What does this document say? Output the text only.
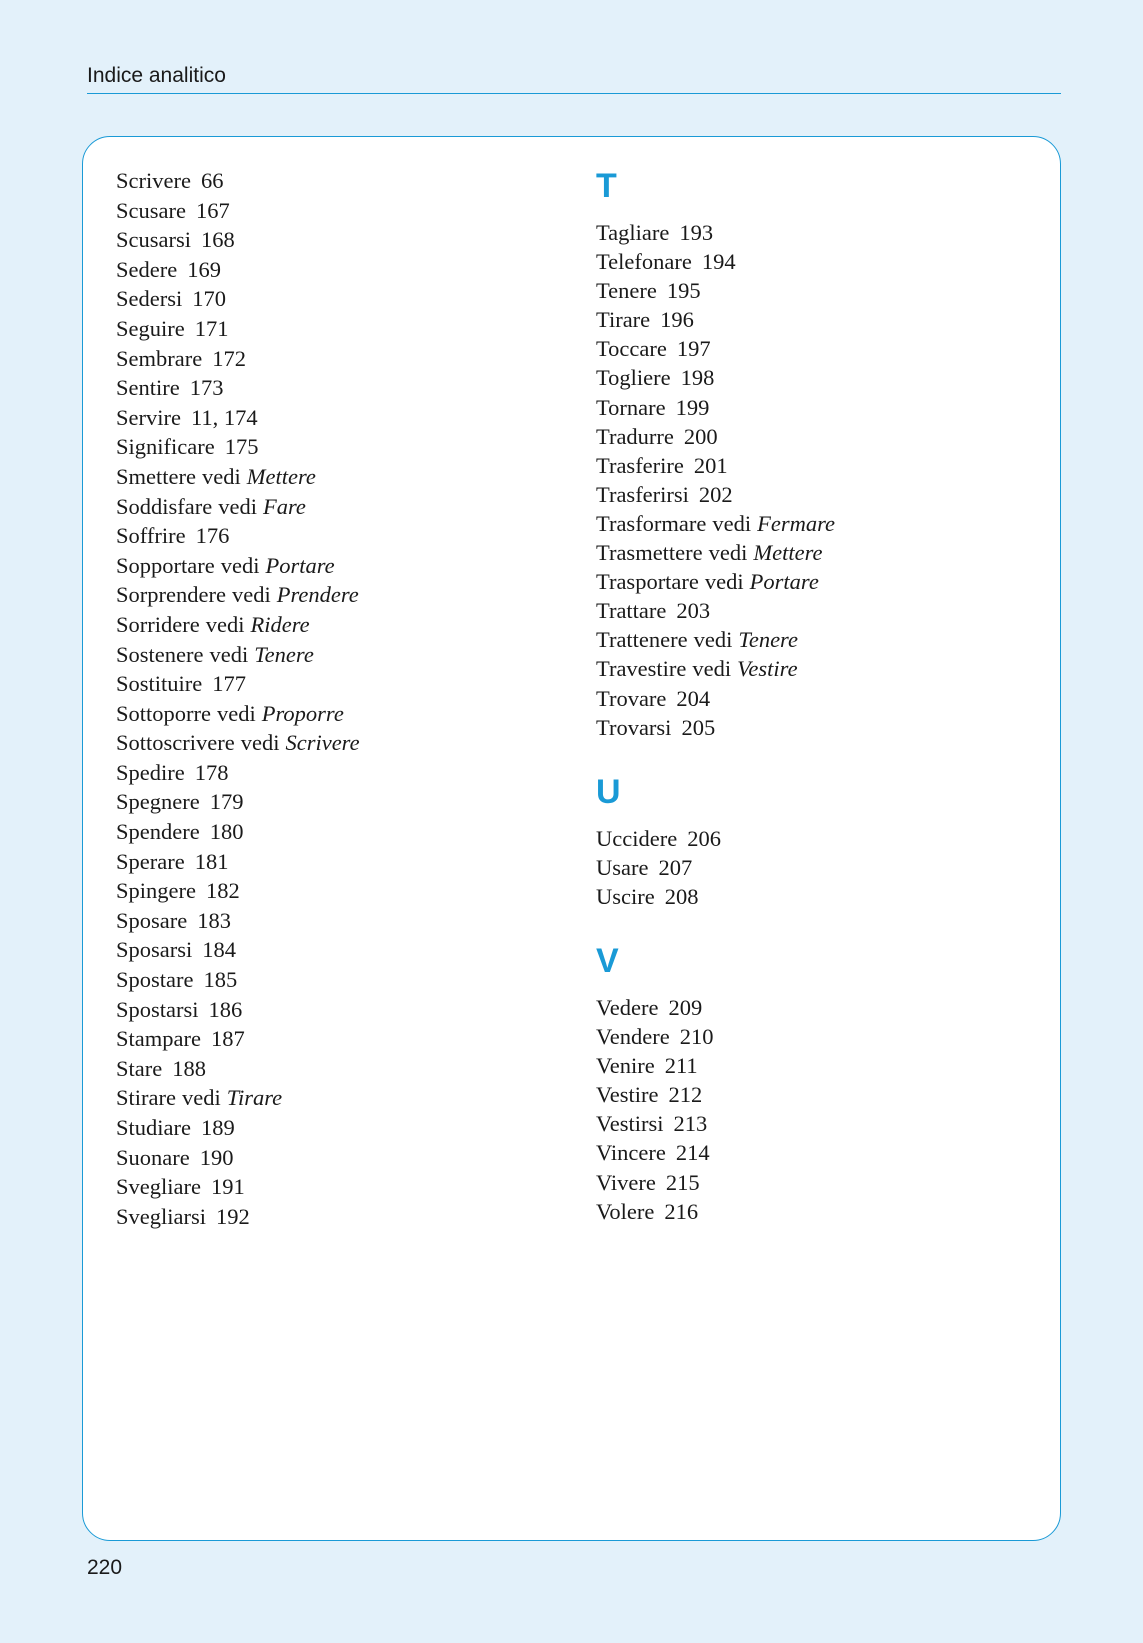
Indice analitico
Scrivere 66
Scusare 167
Scusarsi 168
Sedere 169
Sedersi 170
Seguire 171
Sembrare 172
Sentire 173
Servire 11, 174
Significare 175
Smettere vedi Mettere
Soddisfare vedi Fare
Soffrire 176
Sopportare vedi Portare
Sorprendere vedi Prendere
Sorridere vedi Ridere
Sostenere vedi Tenere
Sostituire 177
Sottoporre vedi Proporre
Sottoscrivere vedi Scrivere
Spedire 178
Spegnere 179
Spendere 180
Sperare 181
Spingere 182
Sposare 183
Sposarsi 184
Spostare 185
Spostarsi 186
Stampare 187
Stare 188
Stirare vedi Tirare
Studiare 189
Suonare 190
Svegliare 191
Svegliarsi 192
T
Tagliare 193
Telefonare 194
Tenere 195
Tirare 196
Toccare 197
Togliere 198
Tornare 199
Tradurre 200
Trasferire 201
Trasferirsi 202
Trasformare vedi Fermare
Trasmettere vedi Mettere
Trasportare vedi Portare
Trattare 203
Trattenere vedi Tenere
Travestire vedi Vestire
Trovare 204
Trovarsi 205
U
Uccidere 206
Usare 207
Uscire 208
V
Vedere 209
Vendere 210
Venire 211
Vestire 212
Vestirsi 213
Vincere 214
Vivere 215
Volere 216
220
